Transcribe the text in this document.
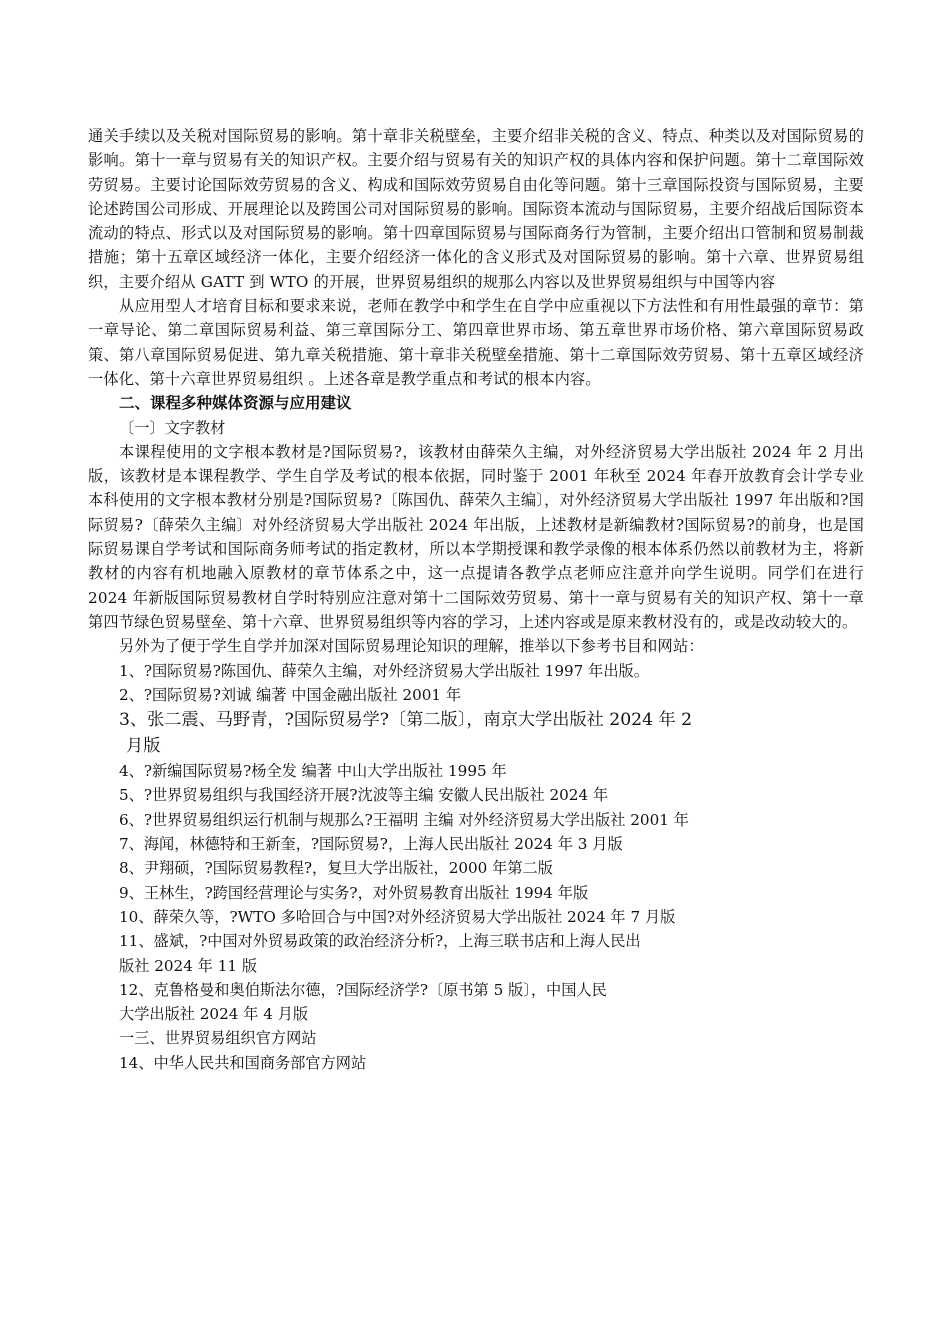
通关手续以及关税对国际贸易的影响。第十章非关税壁垒，主要介绍非关税的含义、特点、种类以及对国际贸易的影响。第十一章与贸易有关的知识产权。主要介绍与贸易有关的知识产权的具体内容和保护问题。第十二章国际效劳贸易。主要讨论国际效劳贸易的含义、构成和国际效劳贸易自由化等问题。第十三章国际投资与国际贸易，主要论述跨国公司形成、开展理论以及跨国公司对国际贸易的影响。国际资本流动与国际贸易，主要介绍战后国际资本流动的特点、形式以及对国际贸易的影响。第十四章国际贸易与国际商务行为管制，主要介绍出口管制和贸易制裁措施；第十五章区域经济一体化，主要介绍经济一体化的含义形式及对国际贸易的影响。第十六章、世界贸易组织，主要介绍从 GATT 到 WTO 的开展，世界贸易组织的规那么内容以及世界贸易组织与中国等内容

从应用型人才培育目标和要求来说，老师在教学中和学生在自学中应重视以下方法性和有用性最强的章节：第一章导论、第二章国际贸易利益、第三章国际分工、第四章世界市场、第五章世界市场价格、第六章国际贸易政策、第八章国际贸易促进、第九章关税措施、第十章非关税壁垒措施、第十二章国际效劳贸易、第十五章区域经济一体化、第十六章世界贸易组织 。上述各章是教学重点和考试的根本内容。

二、课程多种媒体资源与应用建议

〔一〕文字教材

本课程使用的文字根本教材是?国际贸易?，该教材由薛荣久主编，对外经济贸易大学出版社 2024 年 2 月出版，该教材是本课程教学、学生自学及考试的根本依据，同时鉴于 2001 年秋至 2024 年春开放教育会计学专业本科使用的文字根本教材分别是?国际贸易?〔陈国仇、薛荣久主编〕，对外经济贸易大学出版社 1997 年出版和?国际贸易?〔薛荣久主编〕对外经济贸易大学出版社 2024 年出版，上述教材是新编教材?国际贸易?的前身，也是国际贸易课自学考试和国际商务师考试的指定教材，所以本学期授课和教学录像的根本体系仍然以前教材为主，将新教材的内容有机地融入原教材的章节体系之中，这一点提请各教学点老师应注意并向学生说明。同学们在进行 2024 年新版国际贸易教材自学时特别应注意对第十二国际效劳贸易、第十一章与贸易有关的知识产权、第十一章第四节绿色贸易壁垒、第十六章、世界贸易组织等内容的学习，上述内容或是原来教材没有的，或是改动较大的。

另外为了便于学生自学并加深对国际贸易理论知识的理解，推举以下参考书目和网站：

1、?国际贸易?陈国仇、薛荣久主编，对外经济贸易大学出版社 1997 年出版。

2、?国际贸易?刘诚 编著 中国金融出版社 2001 年

3、张二震、马野青，?国际贸易学?〔第二版〕，南京大学出版社 2024 年 2

月版

4、?新编国际贸易?杨全发 编著 中山大学出版社 1995 年

5、?世界贸易组织与我国经济开展?沈波等主编 安徽人民出版社 2024 年

6、?世界贸易组织运行机制与规那么?王福明 主编 对外经济贸易大学出版社 2001 年

7、海闻，林德特和王新奎，?国际贸易?，上海人民出版社 2024 年 3 月版

8、尹翔硕，?国际贸易教程?，复旦大学出版社，2000 年第二版

9、王林生，?跨国经营理论与实务?，对外贸易教育出版社 1994 年版

10、薛荣久等，?WTO 多哈回合与中国?对外经济贸易大学出版社 2024 年 7 月版

11、盛斌，?中国对外贸易政策的政治经济分析?，上海三联书店和上海人民出

版社 2024 年 11 版

12、克鲁格曼和奥伯斯法尔德，?国际经济学?〔原书第 5 版〕，中国人民

大学出版社 2024 年 4 月版

一三、世界贸易组织官方网站

14、中华人民共和国商务部官方网站
